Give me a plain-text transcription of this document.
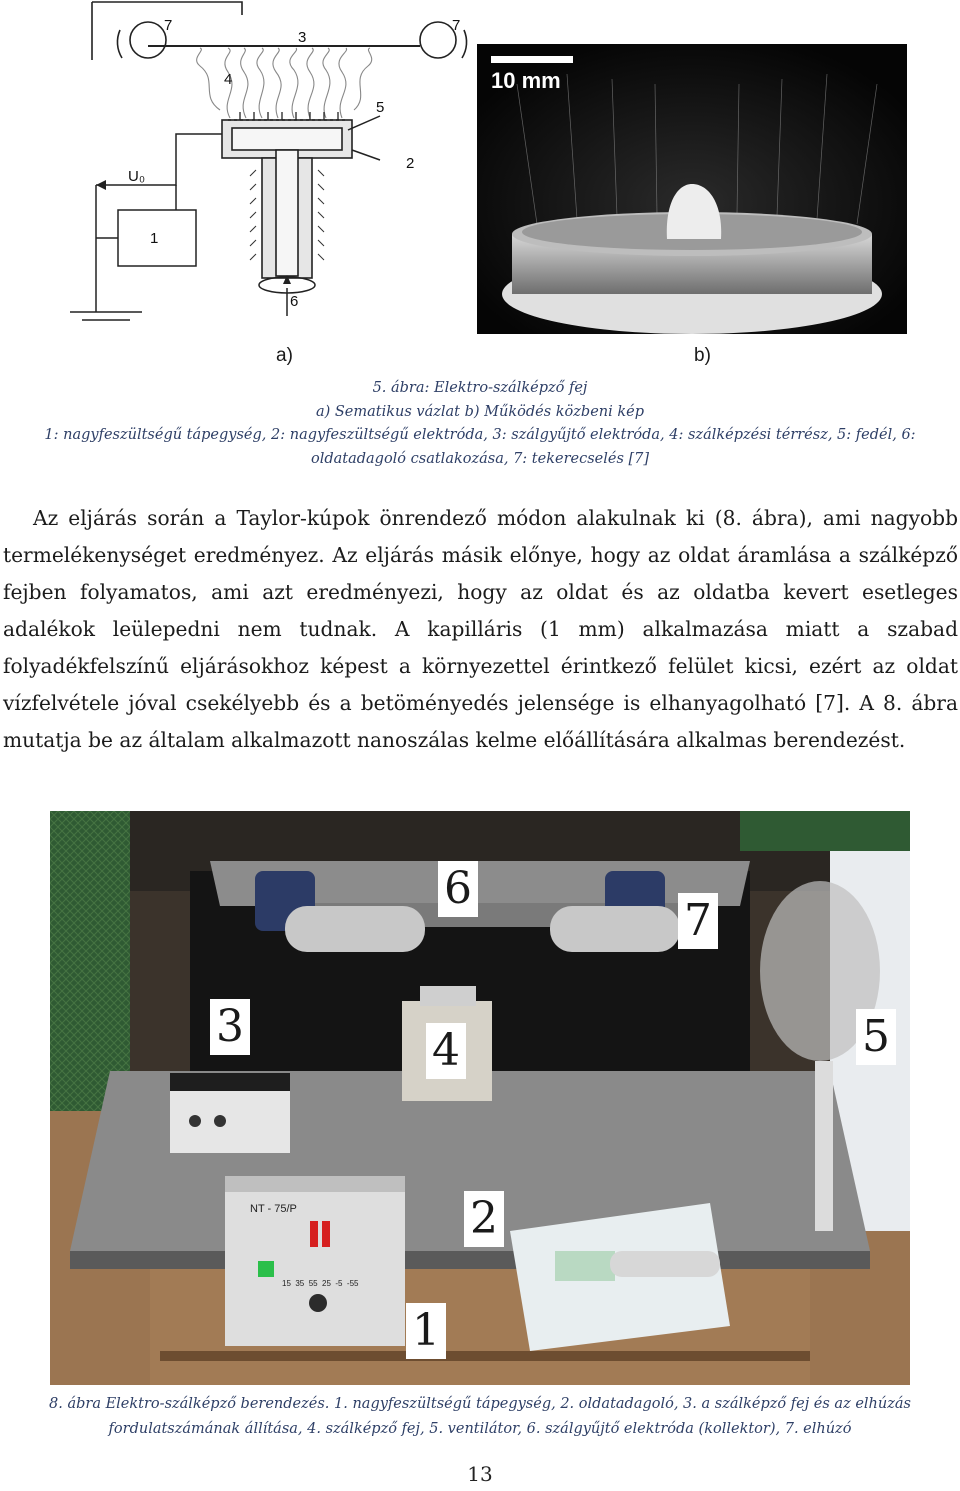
7	7
3
4
5
2
U₀
1
6
10 mm
a)	b)
5. ábra: Elektro-szálképző fej
a) Sematikus vázlat b) Működés közbeni kép
1: nagyfeszültségű tápegység, 2: nagyfeszültségű elektróda, 3: szálgyűjtő elektróda, 4: szálképzési térrész, 5: fedél, 6:
oldatadagoló csatlakozása, 7: tekerecselés [7]

Az eljárás során a Taylor-kúpok önrendező módon alakulnak ki (8. ábra), ami nagyobb termelékenységet eredményez. Az eljárás másik előnye, hogy az oldat áramlása a szálképző fejben folyamatos, ami azt eredményezi, hogy az oldat és az oldatba kevert esetleges adalékok leülepedni nem tudnak. A kapilláris (1 mm) alkalmazása miatt a szabad folyadékfelszínű eljárásokhoz képest a környezettel érintkező felület kicsi, ezért az oldat vízfelvétele jóval csekélyebb és a betöményedés jelensége is elhanyagolható [7]. A 8. ábra mutatja be az általam alkalmazott nanoszálas kelme előállítására alkalmas berendezést.

6
7
3	4	5
2
1
NT - 75/P
15  35  55  25  -5  -55
8. ábra Elektro-szálképző berendezés. 1. nagyfeszültségű tápegység, 2. oldatadagoló, 3. a szálképző fej és az elhúzás
fordulatszámának állítása, 4. szálképző fej, 5. ventilátor, 6. szálgyűjtő elektróda (kollektor), 7. elhúzó
13
